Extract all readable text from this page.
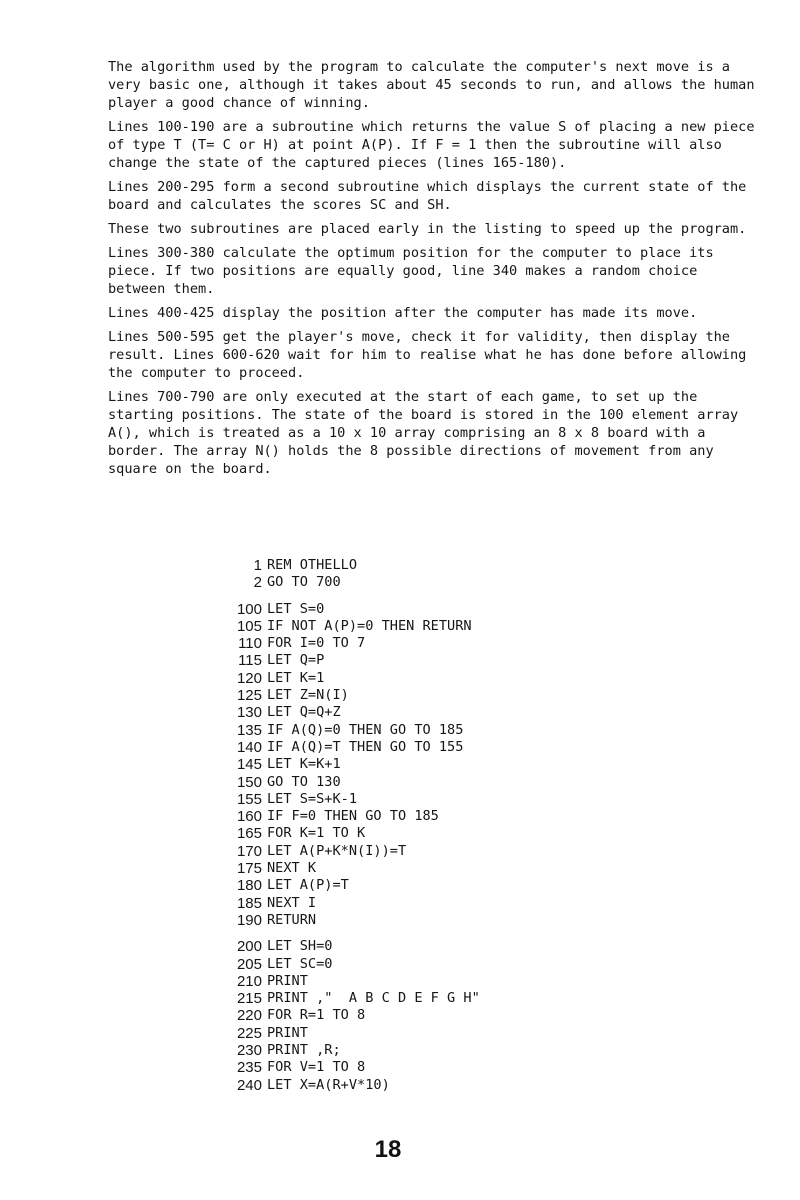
The algorithm used by the program to calculate the computer's next move is a very basic one, although it takes about 45 seconds to run, and allows the human player a good chance of winning.

Lines 100-190 are a subroutine which returns the value S of placing a new piece of type T (T= C or H) at point A(P). If F = 1 then the subroutine will also change the state of the captured pieces (lines 165-180).

Lines 200-295 form a second subroutine which displays the current state of the board and calculates the scores SC and SH.

These two subroutines are placed early in the listing to speed up the program.

Lines 300-380 calculate the optimum position for the computer to place its piece. If two positions are equally good, line 340 makes a random choice between them.

Lines 400-425 display the position after the computer has made its move.

Lines 500-595 get the player's move, check it for validity, then display the result. Lines 600-620 wait for him to realise what he has done before allowing the computer to proceed.

Lines 700-790 are only executed at the start of each game, to set up the starting positions. The state of the board is stored in the 100 element array A(), which is treated as a 10 x 10 array comprising an 8 x 8 board with a border. The array N() holds the 8 possible directions of movement from any square on the board.

1 REM OTHELLO
2 GO TO 700
100 LET S=0
105 IF NOT A(P)=0 THEN RETURN
110 FOR I=0 TO 7
115 LET Q=P
120 LET K=1
125 LET Z=N(I)
130 LET Q=Q+Z
135 IF A(Q)=0 THEN GO TO 185
140 IF A(Q)=T THEN GO TO 155
145 LET K=K+1
150 GO TO 130
155 LET S=S+K-1
160 IF F=0 THEN GO TO 185
165 FOR K=1 TO K
170 LET A(P+K*N(I))=T
175 NEXT K
180 LET A(P)=T
185 NEXT I
190 RETURN
200 LET SH=0
205 LET SC=0
210 PRINT
215 PRINT ,"  A B C D E F G H"
220 FOR R=1 TO 8
225 PRINT
230 PRINT ,R;
235 FOR V=1 TO 8
240 LET X=A(R+V*10)
18
